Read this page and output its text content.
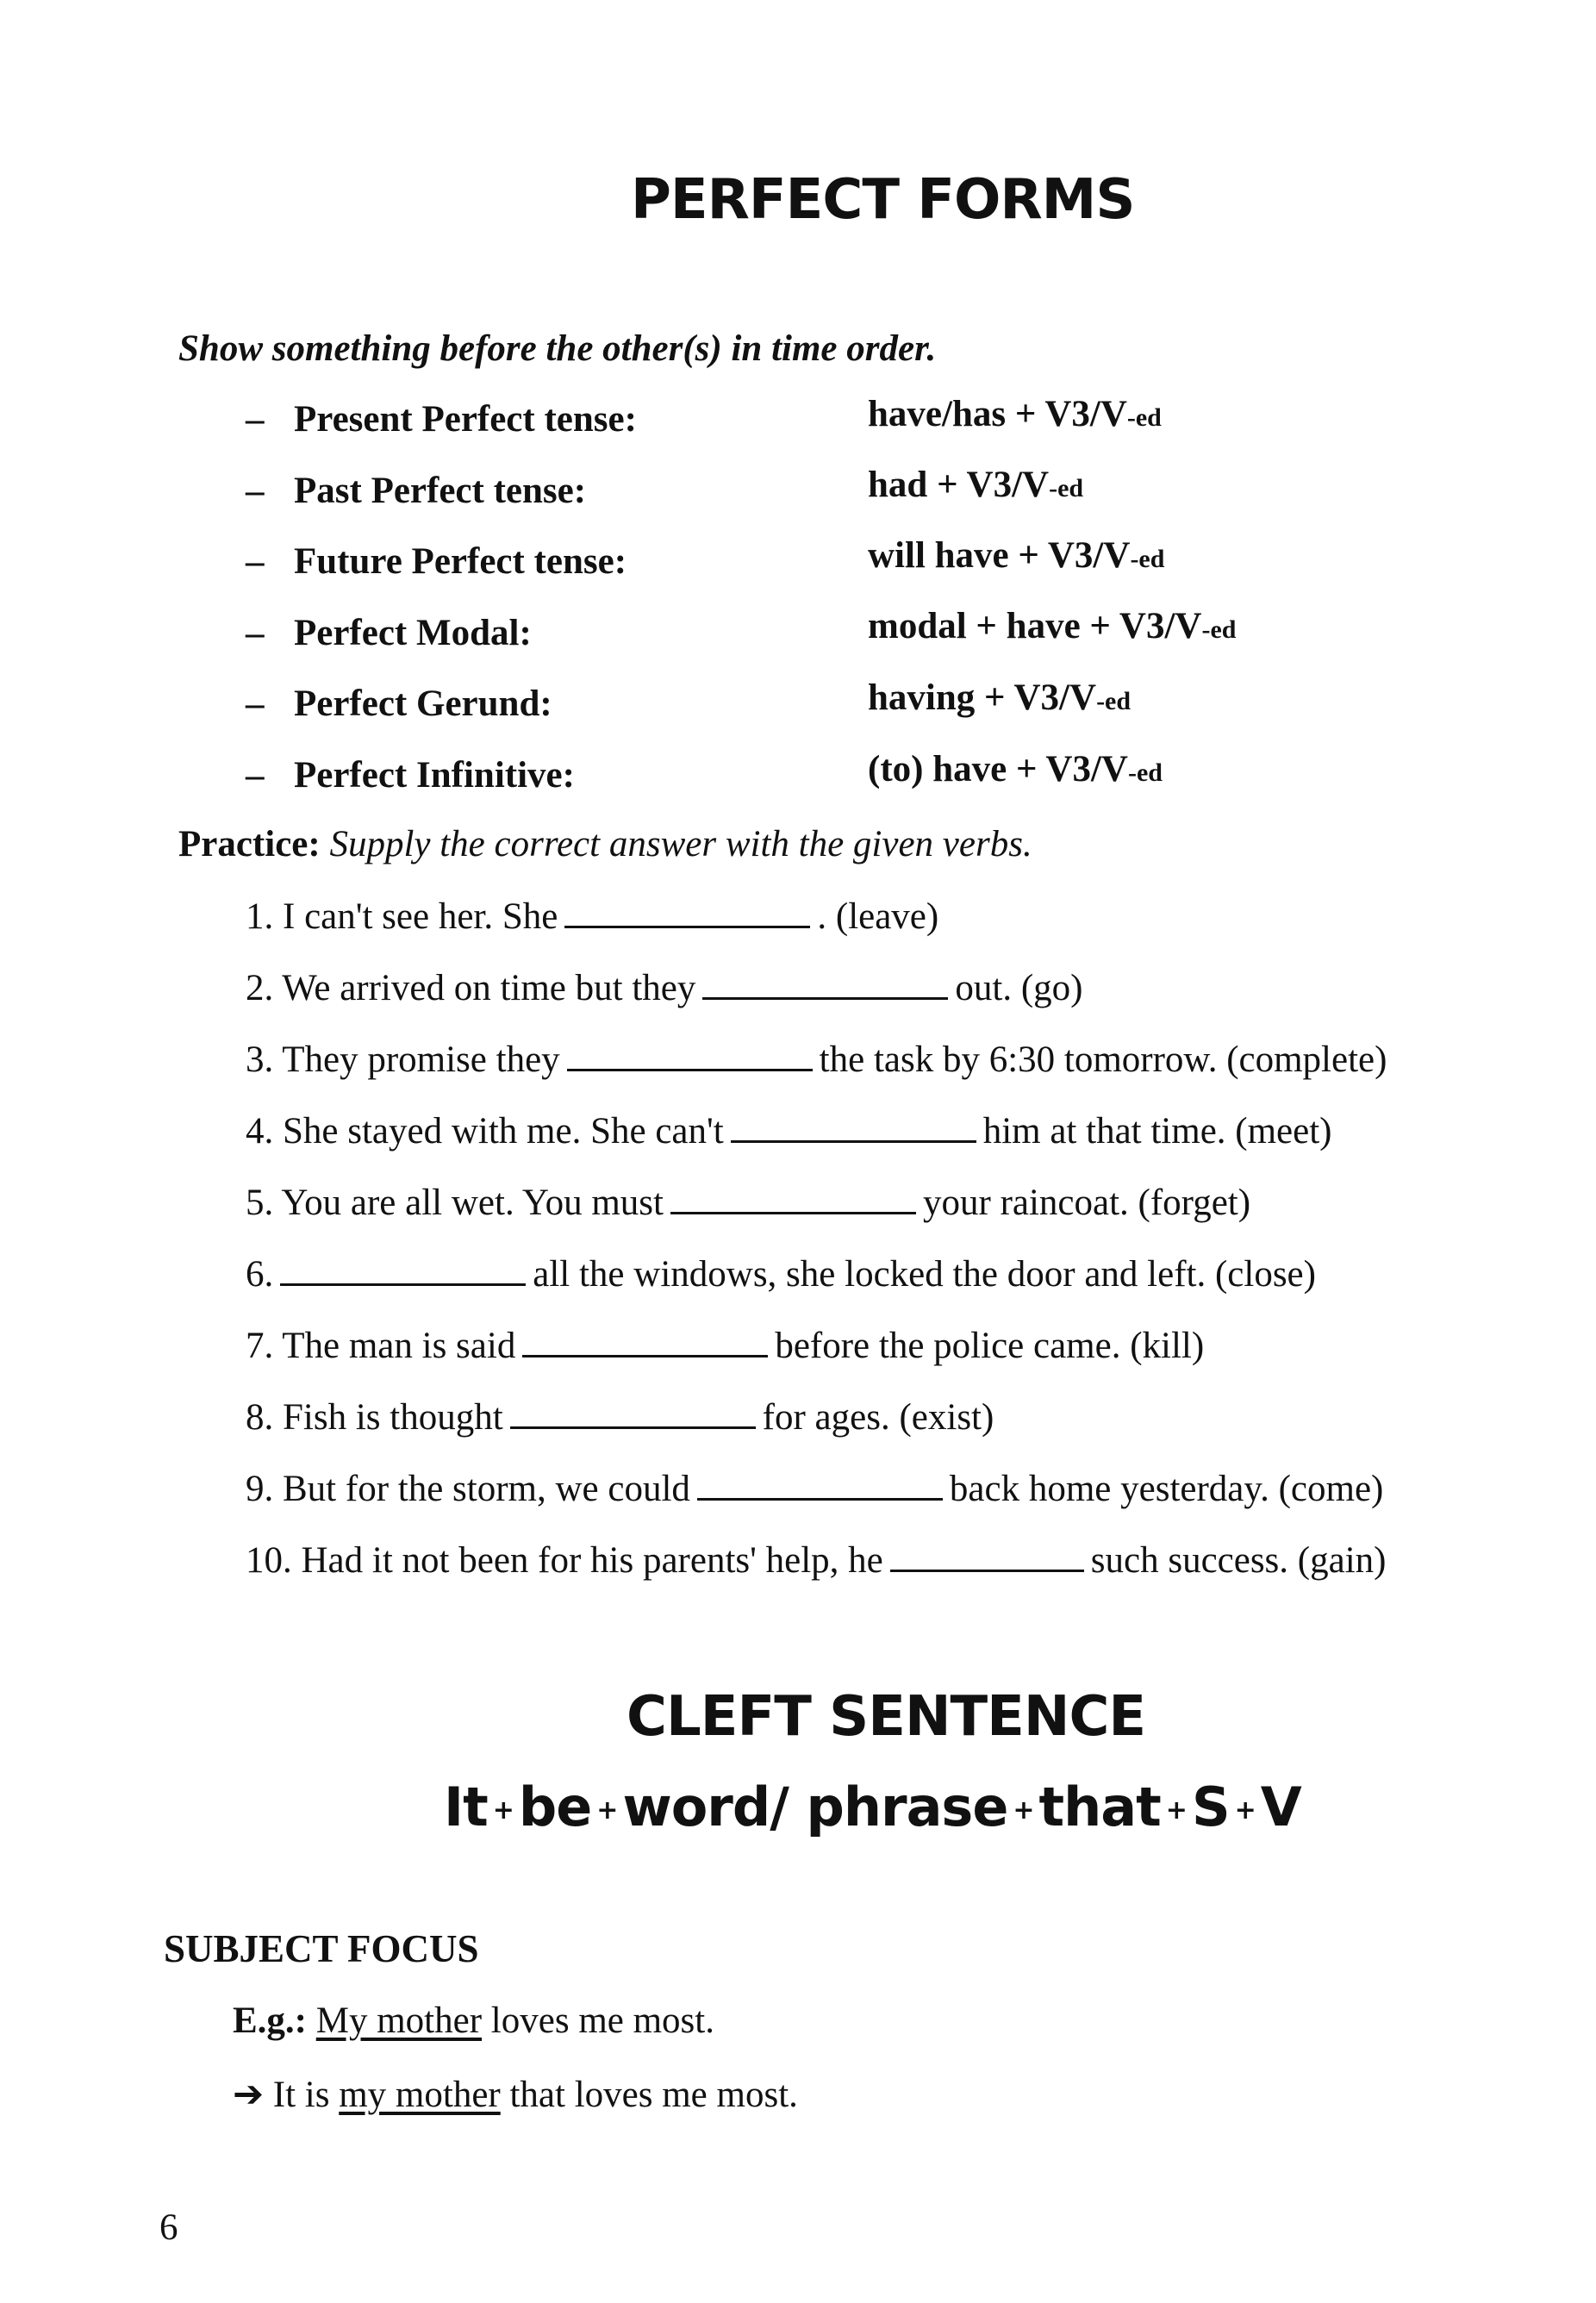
PERFECT FORMS
Show something before the other(s) in time order.
– Present Perfect tense:	have/has + V3/V-ed
– Past Perfect tense:	had + V3/V-ed
– Future Perfect tense:	will have + V3/V-ed
– Perfect Modal:	modal + have + V3/V-ed
– Perfect Gerund:	having + V3/V-ed
– Perfect Infinitive:	(to) have + V3/V-ed
Practice: Supply the correct answer with the given verbs.
1. I can't see her. She	. (leave)
2. We arrived on time but they	out. (go)
3. They promise they	the task by 6:30 tomorrow. (complete)
4. She stayed with me. She can't	him at that time. (meet)
5. You are all wet. You must	your raincoat. (forget)
6.	all the windows, she locked the door and left. (close)
7. The man is said	before the police came. (kill)
8. Fish is thought	for ages. (exist)
9. But for the storm, we could	back home yesterday. (come)
10. Had it not been for his parents' help, he	such success. (gain)
CLEFT SENTENCE
It +be +word/ phrase +that +S +V
SUBJECT FOCUS
E.g.: My mother loves me most.
➔ It is my mother that loves me most.
6
